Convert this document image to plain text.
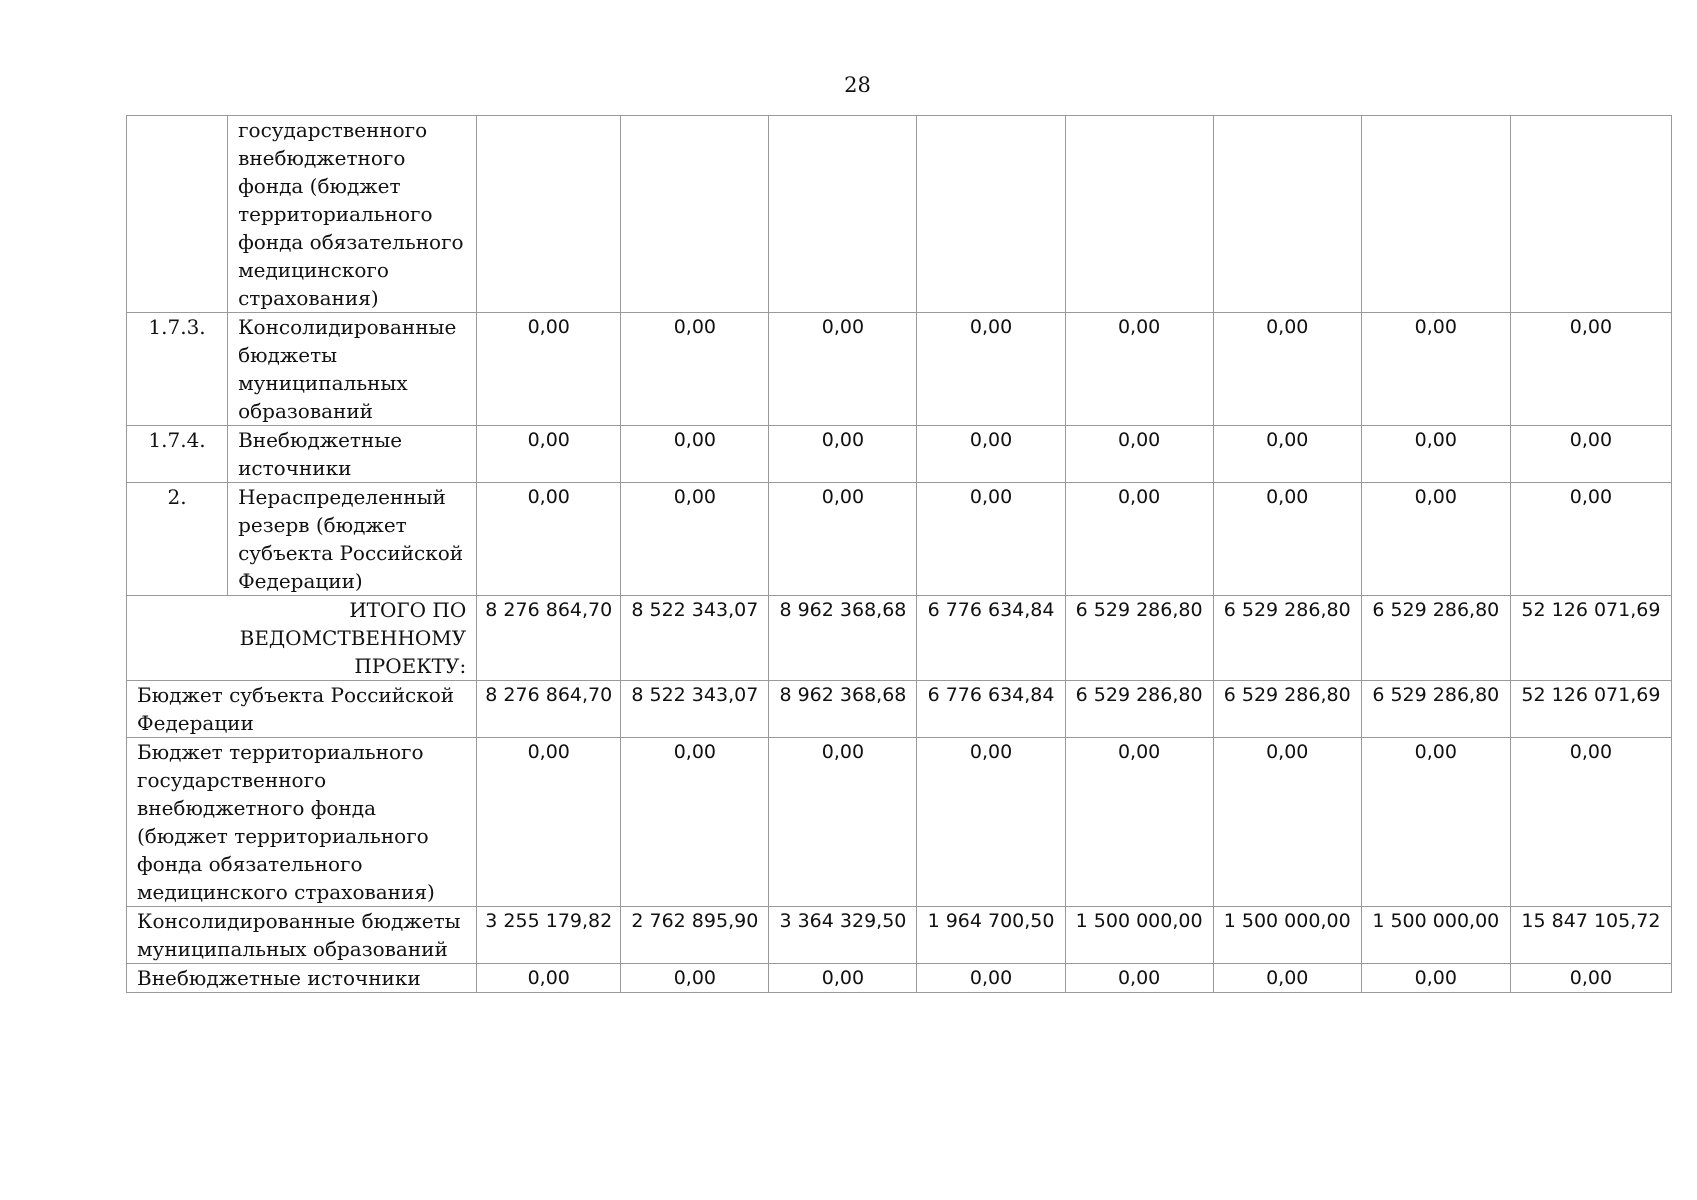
28
	государственного внебюджетного фонда (бюджет территориального фонда обязательного медицинского страхования)								
1.7.3.	Консолидированные бюджеты муниципальных образований	0,00	0,00	0,00	0,00	0,00	0,00	0,00	0,00
1.7.4.	Внебюджетные источники	0,00	0,00	0,00	0,00	0,00	0,00	0,00	0,00
2.	Нераспределенный резерв (бюджет субъекта Российской Федерации)	0,00	0,00	0,00	0,00	0,00	0,00	0,00	0,00
ИТОГО ПО ВЕДОМСТВЕННОМУ ПРОЕКТУ:		8 276 864,70	8 522 343,07	8 962 368,68	6 776 634,84	6 529 286,80	6 529 286,80	6 529 286,80	52 126 071,69
Бюджет субъекта Российской Федерации		8 276 864,70	8 522 343,07	8 962 368,68	6 776 634,84	6 529 286,80	6 529 286,80	6 529 286,80	52 126 071,69
Бюджет территориального государственного внебюджетного фонда (бюджет территориального фонда обязательного медицинского страхования)		0,00	0,00	0,00	0,00	0,00	0,00	0,00	0,00
Консолидированные бюджеты муниципальных образований		3 255 179,82	2 762 895,90	3 364 329,50	1 964 700,50	1 500 000,00	1 500 000,00	1 500 000,00	15 847 105,72
Внебюджетные источники		0,00	0,00	0,00	0,00	0,00	0,00	0,00	0,00
